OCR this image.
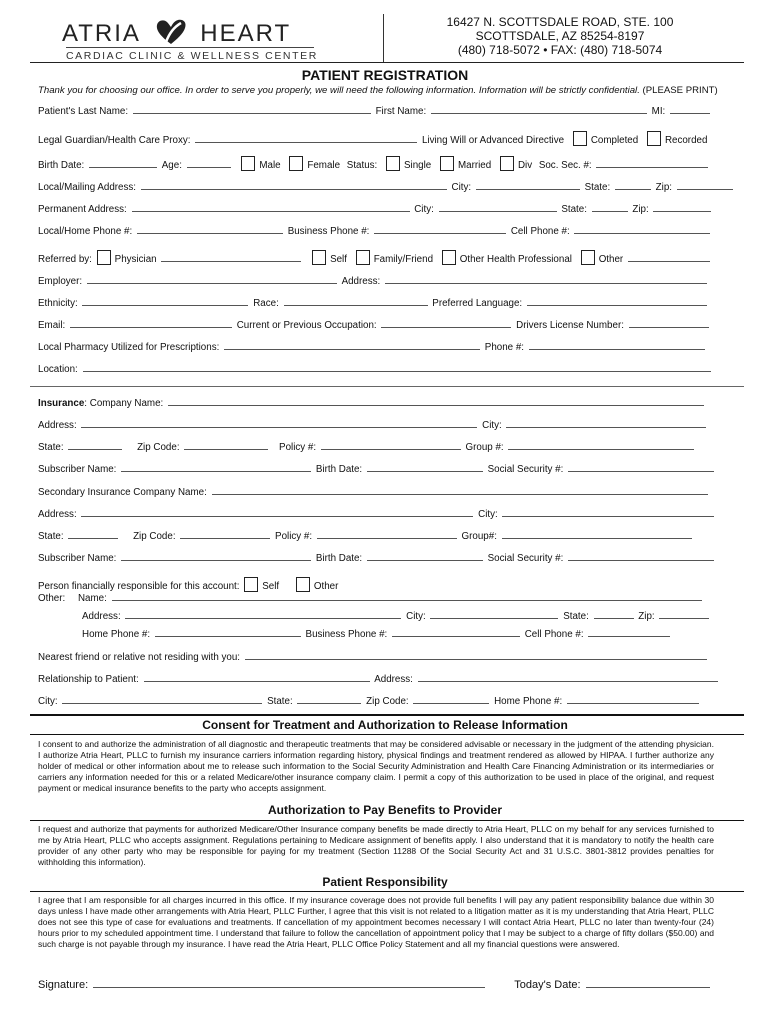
ATRIA HEART
CARDIAC CLINIC & WELLNESS CENTER
16427 N. SCOTTSDALE ROAD, STE. 100
SCOTTSDALE, AZ 85254-8197
(480) 718-5072 • FAX: (480) 718-5074
PATIENT REGISTRATION
Thank you for choosing our office. In order to serve you properly, we will need the following information. Information will be strictly confidential. (PLEASE PRINT)
Patient's Last Name:	First Name:	MI:
Legal Guardian/Health Care Proxy:	Living Will or Advanced Directive	Completed	Recorded
Birth Date:	Age:	Male	Female Status:	Single	Married	Div Soc. Sec. #:
Local/Mailing Address:	City:	State:	Zip:
Permanent Address:	City:	State:	Zip:
Local/Home Phone #:	Business Phone #:	Cell Phone #:
Referred by: Physician	Self	Family/Friend	Other Health Professional	Other
Employer:	Address:
Ethnicity:	Race:	Preferred Language:
Email:	Current or Previous Occupation:	Drivers License Number:
Local Pharmacy Utilized for Prescriptions:	Phone #:
Location:
Insurance: Company Name:
Address:	City:
State:	Zip Code:	Policy #:	Group #:
Subscriber Name:	Birth Date:	Social Security #:
Secondary Insurance Company Name:
Address:	City:
State:	Zip Code:	Policy #:	Group#:
Subscriber Name:	Birth Date:	Social Security #:
Person financially responsible for this account: Self	Other
Other: Name:
Address:	City:	State:	Zip:
Home Phone #:	Business Phone #:	Cell Phone #:
Nearest friend or relative not residing with you:
Relationship to Patient:	Address:
City:	State:	Zip Code:	Home Phone #:
Consent for Treatment and Authorization to Release Information
I consent to and authorize the administration of all diagnostic and therapeutic treatments that may be considered advisable or necessary in the judgment of the attending physician. I authorize Atria Heart, PLLC to furnish my insurance carriers information regarding history, physical findings and treatment rendered as allowed by HIPAA. I further authorize any holder of medical or other information about me to release such information to the Social Security Administration and Health Care Financing Administration or its intermediaries or carriers any information needed for this or a related Medicare/other insurance company claim. I permit a copy of this authorization to be used in place of the original, and request payment or medical insurance benefits to the party who accepts assignment.
Authorization to Pay Benefits to Provider
I request and authorize that payments for authorized Medicare/Other Insurance company benefits be made directly to Atria Heart, PLLC on my behalf for any services furnished to me by Atria Heart, PLLC who accepts assignment. Regulations pertaining to Medicare assignment of benefits apply. I also understand that it is mandatory to notify the health care provider of any other party who may be responsible for paying for my treatment (Section 11288 Of the Social Security Act and 31 U.S.C. 3801-3812 provides penalties for withholding this information).
Patient Responsibility
I agree that I am responsible for all charges incurred in this office. If my insurance coverage does not provide full benefits I will pay any patient responsibility balance due within 30 days unless I have made other arrangements with Atria Heart, PLLC Further, I agree that this visit is not related to a litigation matter as it is my understanding that Atria Heart, PLLC does not see this type of case for evaluations and treatments. If cancellation of my appointment becomes necessary I will contact Atria Heart, PLLC no later than twenty-four (24) hours prior to my scheduled appointment time. I understand that failure to follow the cancellation of appointment policy that I may be subject to a charge of fifty dollars ($50.00) and such charge is not payable through my insurance. I have read the Atria Heart, PLLC Office Policy Statement and all my financial questions were answered.
Signature:	Today's Date:
